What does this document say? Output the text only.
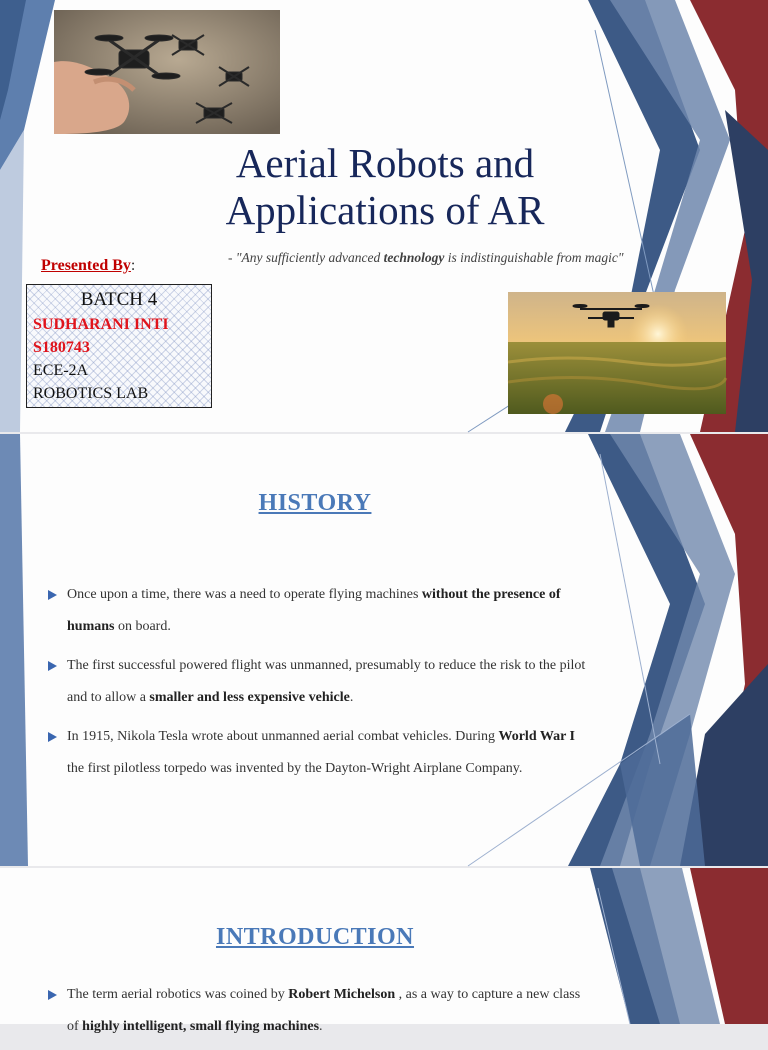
Aerial Robots and Applications of AR
- "Any sufficiently advanced technology is indistinguishable from magic"
Presented By:
BATCH 4
SUDHARANI INTI
S180743
ECE-2A
ROBOTICS LAB
HISTORY
Once upon a time, there was a need to operate flying machines without the presence of humans on board.
The first successful powered flight was unmanned, presumably to reduce the risk to the pilot and to allow a smaller and less expensive vehicle.
In 1915, Nikola Tesla wrote about unmanned aerial combat vehicles. During World War I the first pilotless torpedo was invented by the Dayton-Wright Airplane Company.
INTRODUCTION
The term aerial robotics was coined by Robert Michelson , as a way to capture a new class of highly intelligent, small flying machines.
